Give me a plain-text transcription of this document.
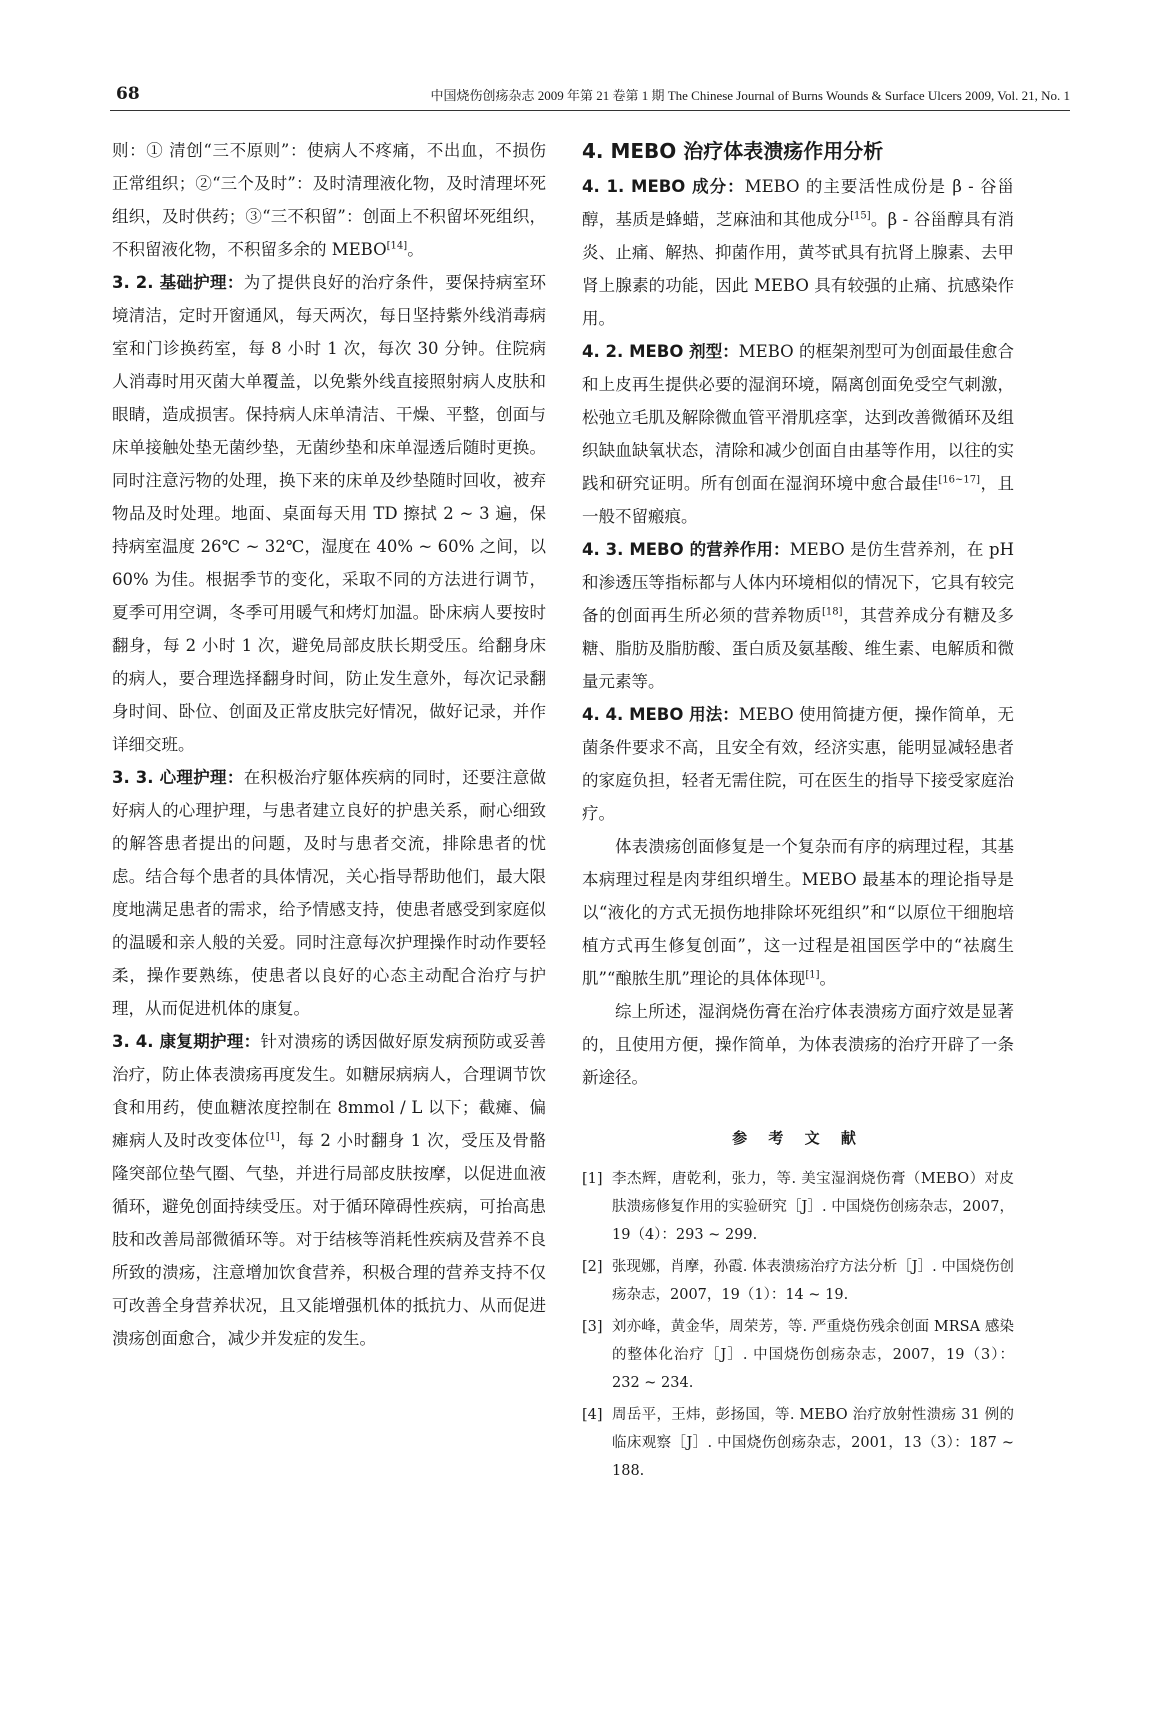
68	中国烧伤创疡杂志 2009 年第 21 卷第 1 期 The Chinese Journal of Burns Wounds & Surface Ulcers 2009, Vol. 21, No. 1

则：① 清创“三不原则”：使病人不疼痛，不出血，不损伤正常组织；②“三个及时”：及时清理液化物，及时清理坏死组织，及时供药；③“三不积留”：创面上不积留坏死组织，不积留液化物，不积留多余的 MEBO[14]。

3. 2. 基础护理：为了提供良好的治疗条件，要保持病室环境清洁，定时开窗通风，每天两次，每日坚持紫外线消毒病室和门诊换药室，每 8 小时 1 次，每次 30 分钟。住院病人消毒时用灭菌大单覆盖，以免紫外线直接照射病人皮肤和眼睛，造成损害。保持病人床单清洁、干燥、平整，创面与床单接触处垫无菌纱垫，无菌纱垫和床单湿透后随时更换。同时注意污物的处理，换下来的床单及纱垫随时回收，被弃物品及时处理。地面、桌面每天用 TD 擦拭 2 ~ 3 遍，保持病室温度 26℃ ~ 32℃，湿度在 40% ~ 60% 之间，以 60% 为佳。根据季节的变化，采取不同的方法进行调节，夏季可用空调，冬季可用暖气和烤灯加温。卧床病人要按时翻身，每 2 小时 1 次，避免局部皮肤长期受压。给翻身床的病人，要合理选择翻身时间，防止发生意外，每次记录翻身时间、卧位、创面及正常皮肤完好情况，做好记录，并作详细交班。

3. 3. 心理护理：在积极治疗躯体疾病的同时，还要注意做好病人的心理护理，与患者建立良好的护患关系，耐心细致的解答患者提出的问题，及时与患者交流，排除患者的忧虑。结合每个患者的具体情况，关心指导帮助他们，最大限度地满足患者的需求，给予情感支持，使患者感受到家庭似的温暖和亲人般的关爱。同时注意每次护理操作时动作要轻柔，操作要熟练，使患者以良好的心态主动配合治疗与护理，从而促进机体的康复。

3. 4. 康复期护理：针对溃疡的诱因做好原发病预防或妥善治疗，防止体表溃疡再度发生。如糖尿病病人，合理调节饮食和用药，使血糖浓度控制在 8mmol / L 以下；截瘫、偏瘫病人及时改变体位[1]，每 2 小时翻身 1 次，受压及骨骼隆突部位垫气圈、气垫，并进行局部皮肤按摩，以促进血液循环，避免创面持续受压。对于循环障碍性疾病，可抬高患肢和改善局部微循环等。对于结核等消耗性疾病及营养不良所致的溃疡，注意增加饮食营养，积极合理的营养支持不仅可改善全身营养状况，且又能增强机体的抵抗力、从而促进溃疡创面愈合，减少并发症的发生。

4. MEBO 治疗体表溃疡作用分析

4. 1. MEBO 成分：MEBO 的主要活性成份是 β - 谷甾醇，基质是蜂蜡，芝麻油和其他成分[15]。β - 谷甾醇具有消炎、止痛、解热、抑菌作用，黄芩甙具有抗肾上腺素、去甲肾上腺素的功能，因此 MEBO 具有较强的止痛、抗感染作用。

4. 2. MEBO 剂型：MEBO 的框架剂型可为创面最佳愈合和上皮再生提供必要的湿润环境，隔离创面免受空气刺激，松弛立毛肌及解除微血管平滑肌痉挛，达到改善微循环及组织缺血缺氧状态，清除和减少创面自由基等作用，以往的实践和研究证明。所有创面在湿润环境中愈合最佳[16~17]，且一般不留瘢痕。

4. 3. MEBO 的营养作用：MEBO 是仿生营养剂，在 pH 和渗透压等指标都与人体内环境相似的情况下，它具有较完备的创面再生所必须的营养物质[18]，其营养成分有糖及多糖、脂肪及脂肪酸、蛋白质及氨基酸、维生素、电解质和微量元素等。

4. 4. MEBO 用法：MEBO 使用简捷方便，操作简单，无菌条件要求不高，且安全有效，经济实惠，能明显减轻患者的家庭负担，轻者无需住院，可在医生的指导下接受家庭治疗。

体表溃疡创面修复是一个复杂而有序的病理过程，其基本病理过程是肉芽组织增生。MEBO 最基本的理论指导是以“液化的方式无损伤地排除坏死组织”和“以原位干细胞培植方式再生修复创面”，这一过程是祖国医学中的“祛腐生肌”“酿脓生肌”理论的具体体现[1]。

综上所述，湿润烧伤膏在治疗体表溃疡方面疗效是显著的，且使用方便，操作简单，为体表溃疡的治疗开辟了一条新途径。

参 考 文 献
[1] 李杰辉，唐乾利，张力，等. 美宝湿润烧伤膏（MEBO）对皮肤溃疡修复作用的实验研究［J］. 中国烧伤创疡杂志，2007，19（4）：293 ~ 299.
[2] 张现娜，肖摩，孙霞. 体表溃疡治疗方法分析［J］. 中国烧伤创疡杂志，2007，19（1）：14 ~ 19.
[3] 刘亦峰，黄金华，周荣芳，等. 严重烧伤残余创面 MRSA 感染的整体化治疗［J］. 中国烧伤创疡杂志，2007，19（3）：232 ~ 234.
[4] 周岳平，王炜，彭扬国，等. MEBO 治疗放射性溃疡 31 例的临床观察［J］. 中国烧伤创疡杂志，2001，13（3）：187 ~ 188.
